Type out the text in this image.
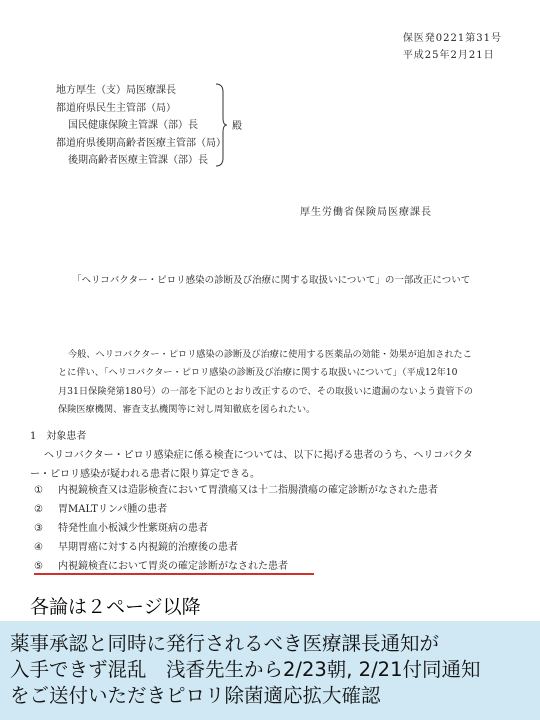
保医発0221第31号
平成25年2月21日
地方厚生（支）局医療課長
都道府県民生主管部（局）
国民健康保険主管課（部）長
都道府県後期高齢者医療主管部（局）
後期高齢者医療主管課（部）長
殿
厚生労働省保険局医療課長
「ヘリコバクター・ピロリ感染の診断及び治療に関する取扱いについて」の一部改正について
今般、ヘリコバクター・ピロリ感染の診断及び治療に使用する医薬品の効能・効果が追加されたこ
とに伴い、「ヘリコバクター・ピロリ感染の診断及び治療に関する取扱いについて」（平成12年10
月31日保険発第180号）の一部を下記のとおり改正するので、その取扱いに遺漏のないよう貴管下の
保険医療機関、審査支払機関等に対し周知徹底を図られたい。
1　対象患者
ヘリコバクター・ピロリ感染症に係る検査については、以下に掲げる患者のうち、ヘリコバクタ
ー・ピロリ感染が疑われる患者に限り算定できる。
① 内視鏡検査又は造影検査において胃潰瘍又は十二指腸潰瘍の確定診断がなされた患者
② 胃MALTリンパ腫の患者
③ 特発性血小板減少性紫斑病の患者
④ 早期胃癌に対する内視鏡的治療後の患者
⑤ 内視鏡検査において胃炎の確定診断がなされた患者
各論は２ページ以降
薬事承認と同時に発行されるべき医療課長通知が
入手できず混乱　浅香先生から2/23朝, 2/21付同通知
をご送付いただきピロリ除菌適応拡大確認
